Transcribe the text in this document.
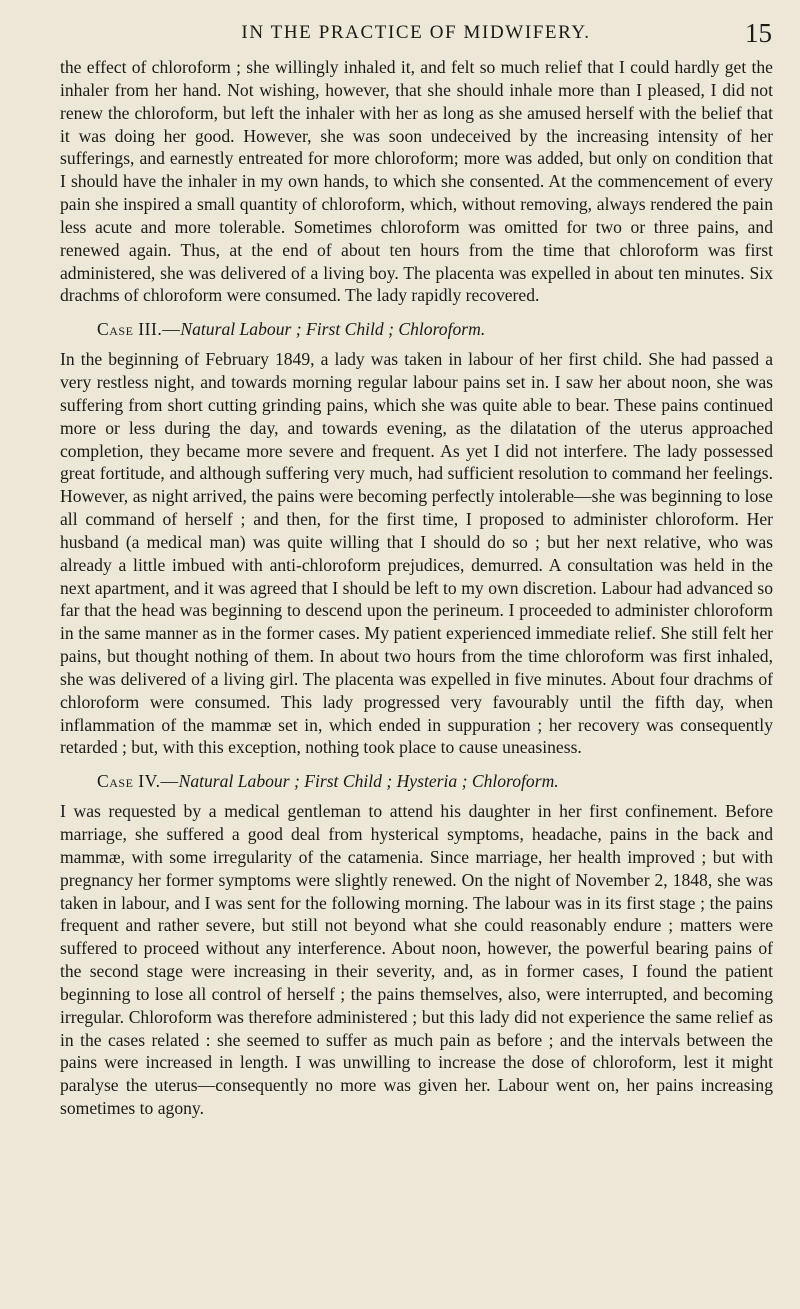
IN THE PRACTICE OF MIDWIFERY.	15

the effect of chloroform ; she willingly inhaled it, and felt so much relief that I could hardly get the inhaler from her hand. Not wishing, however, that she should inhale more than I pleased, I did not renew the chloroform, but left the inhaler with her as long as she amused herself with the belief that it was doing her good. However, she was soon undeceived by the increasing intensity of her sufferings, and earnestly entreated for more chloroform; more was added, but only on condition that I should have the inhaler in my own hands, to which she consented. At the commencement of every pain she inspired a small quantity of chloroform, which, without removing, always rendered the pain less acute and more tolerable. Sometimes chloroform was omitted for two or three pains, and renewed again. Thus, at the end of about ten hours from the time that chloroform was first administered, she was delivered of a living boy. The placenta was expelled in about ten minutes. Six drachms of chloroform were consumed. The lady rapidly recovered.

Case III.—Natural Labour ; First Child ; Chloroform.

In the beginning of February 1849, a lady was taken in labour of her first child. She had passed a very restless night, and towards morning regular labour pains set in. I saw her about noon, she was suffering from short cutting grinding pains, which she was quite able to bear. These pains continued more or less during the day, and towards evening, as the dilatation of the uterus approached completion, they became more severe and frequent. As yet I did not interfere. The lady possessed great fortitude, and although suffering very much, had sufficient resolution to command her feelings. However, as night arrived, the pains were becoming perfectly intolerable—she was beginning to lose all command of herself ; and then, for the first time, I proposed to administer chloroform. Her husband (a medical man) was quite willing that I should do so ; but her next relative, who was already a little imbued with anti-chloroform prejudices, demurred. A consultation was held in the next apartment, and it was agreed that I should be left to my own discretion. Labour had advanced so far that the head was beginning to descend upon the perineum. I proceeded to administer chloroform in the same manner as in the former cases. My patient experienced immediate relief. She still felt her pains, but thought nothing of them. In about two hours from the time chloroform was first inhaled, she was delivered of a living girl. The placenta was expelled in five minutes. About four drachms of chloroform were consumed. This lady progressed very favourably until the fifth day, when inflammation of the mammæ set in, which ended in suppuration ; her recovery was consequently retarded ; but, with this exception, nothing took place to cause uneasiness.

Case IV.—Natural Labour ; First Child ; Hysteria ; Chloroform.

I was requested by a medical gentleman to attend his daughter in her first confinement. Before marriage, she suffered a good deal from hysterical symptoms, headache, pains in the back and mammæ, with some irregularity of the catamenia. Since marriage, her health improved ; but with pregnancy her former symptoms were slightly renewed. On the night of November 2, 1848, she was taken in labour, and I was sent for the following morning. The labour was in its first stage ; the pains frequent and rather severe, but still not beyond what she could reasonably endure ; matters were suffered to proceed without any interference. About noon, however, the powerful bearing pains of the second stage were increasing in their severity, and, as in former cases, I found the patient beginning to lose all control of herself ; the pains themselves, also, were interrupted, and becoming irregular. Chloroform was therefore administered ; but this lady did not experience the same relief as in the cases related : she seemed to suffer as much pain as before ; and the intervals between the pains were increased in length. I was unwilling to increase the dose of chloroform, lest it might paralyse the uterus—consequently no more was given her. Labour went on, her pains increasing sometimes to agony.
